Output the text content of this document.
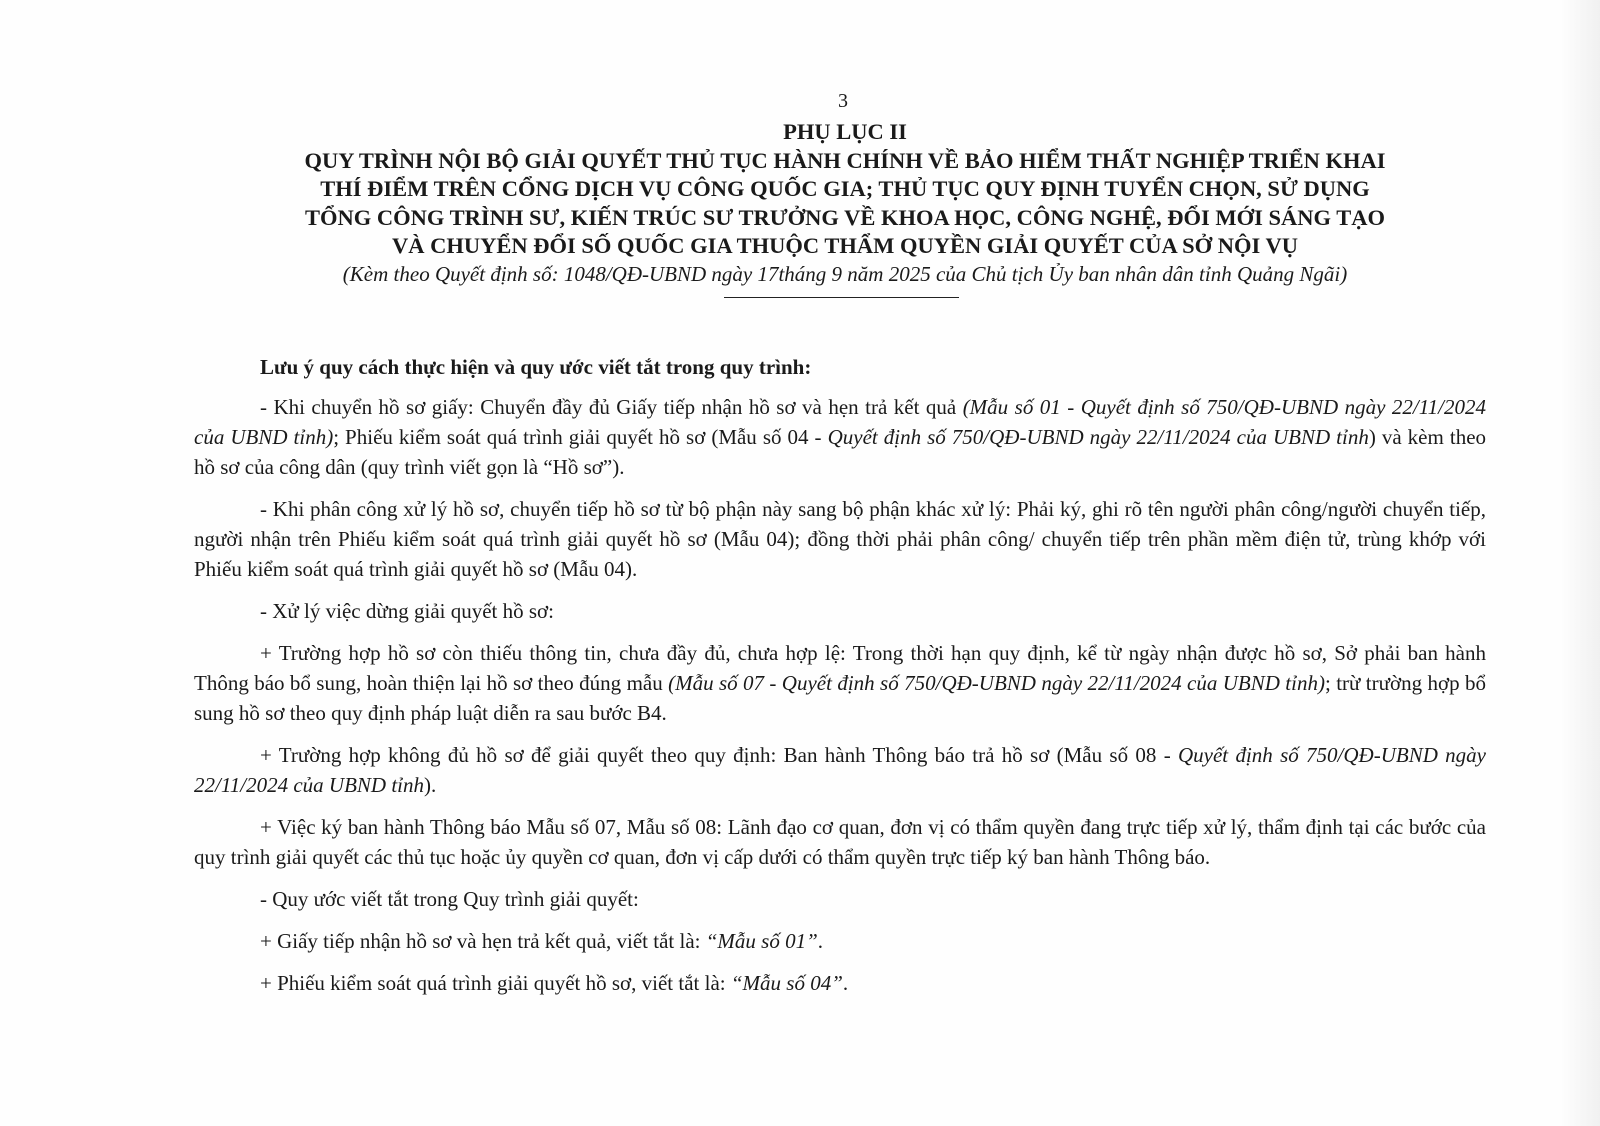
3
PHỤ LỤC II
QUY TRÌNH NỘI BỘ GIẢI QUYẾT THỦ TỤC HÀNH CHÍNH VỀ BẢO HIỂM THẤT NGHIỆP TRIỂN KHAI
THÍ ĐIỂM TRÊN CỔNG DỊCH VỤ CÔNG QUỐC GIA; THỦ TỤC QUY ĐỊNH TUYỂN CHỌN, SỬ DỤNG
TỔNG CÔNG TRÌNH SƯ, KIẾN TRÚC SƯ TRƯỞNG VỀ KHOA HỌC, CÔNG NGHỆ, ĐỔI MỚI SÁNG TẠO
VÀ CHUYỂN ĐỔI SỐ QUỐC GIA THUỘC THẨM QUYỀN GIẢI QUYẾT CỦA SỞ NỘI VỤ
(Kèm theo Quyết định số: 1048/QĐ-UBND ngày 17tháng 9 năm 2025 của Chủ tịch Ủy ban nhân dân tỉnh Quảng Ngãi)

Lưu ý quy cách thực hiện và quy ước viết tắt trong quy trình:

- Khi chuyển hồ sơ giấy: Chuyển đầy đủ Giấy tiếp nhận hồ sơ và hẹn trả kết quả (Mẫu số 01 - Quyết định số 750/QĐ-UBND ngày 22/11/2024 của UBND tỉnh); Phiếu kiểm soát quá trình giải quyết hồ sơ (Mẫu số 04 - Quyết định số 750/QĐ-UBND ngày 22/11/2024 của UBND tỉnh) và kèm theo hồ sơ của công dân (quy trình viết gọn là “Hồ sơ”).

- Khi phân công xử lý hồ sơ, chuyển tiếp hồ sơ từ bộ phận này sang bộ phận khác xử lý: Phải ký, ghi rõ tên người phân công/người chuyển tiếp, người nhận trên Phiếu kiểm soát quá trình giải quyết hồ sơ (Mẫu 04); đồng thời phải phân công/ chuyển tiếp trên phần mềm điện tử, trùng khớp với Phiếu kiểm soát quá trình giải quyết hồ sơ (Mẫu 04).

- Xử lý việc dừng giải quyết hồ sơ:

+ Trường hợp hồ sơ còn thiếu thông tin, chưa đầy đủ, chưa hợp lệ: Trong thời hạn quy định, kể từ ngày nhận được hồ sơ, Sở phải ban hành Thông báo bổ sung, hoàn thiện lại hồ sơ theo đúng mẫu (Mẫu số 07 - Quyết định số 750/QĐ-UBND ngày 22/11/2024 của UBND tỉnh); trừ trường hợp bổ sung hồ sơ theo quy định pháp luật diễn ra sau bước B4.

+ Trường hợp không đủ hồ sơ để giải quyết theo quy định: Ban hành Thông báo trả hồ sơ (Mẫu số 08 - Quyết định số 750/QĐ-UBND ngày 22/11/2024 của UBND tỉnh).

+ Việc ký ban hành Thông báo Mẫu số 07, Mẫu số 08: Lãnh đạo cơ quan, đơn vị có thẩm quyền đang trực tiếp xử lý, thẩm định tại các bước của quy trình giải quyết các thủ tục hoặc ủy quyền cơ quan, đơn vị cấp dưới có thẩm quyền trực tiếp ký ban hành Thông báo.

- Quy ước viết tắt trong Quy trình giải quyết:

+ Giấy tiếp nhận hồ sơ và hẹn trả kết quả, viết tắt là: “Mẫu số 01”.

+ Phiếu kiểm soát quá trình giải quyết hồ sơ, viết tắt là: “Mẫu số 04”.
